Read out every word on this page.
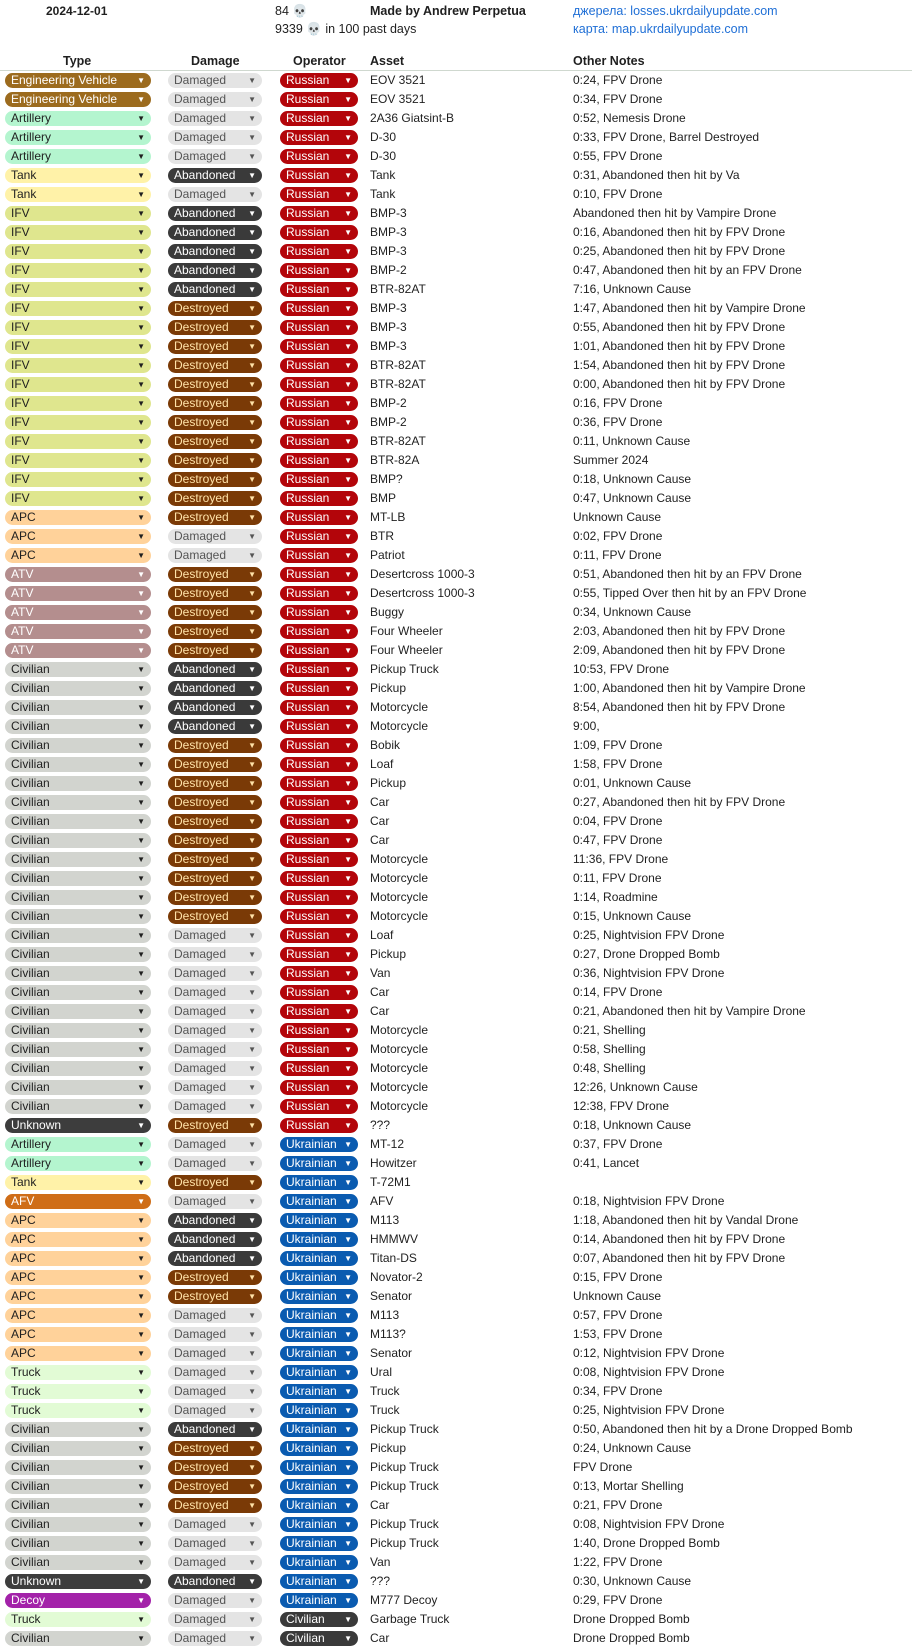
2024-12-01	84 💀
9339 💀 in 100 past days
Made by Andrew Perpetua	джерела: losses.ukrdailyupdate.com
карта: map.ukrdailyupdate.com
Type	Damage	Operator Asset	Other Notes
Engineering Vehicle	▼	Damaged	▼	Russian ▼ EOV 3521	0:24, FPV Drone
Engineering Vehicle	▼	Damaged	▼	Russian ▼ EOV 3521	0:34, FPV Drone
Artillery	▼	Damaged	▼	Russian ▼ 2A36 Giatsint-B	0:52, Nemesis Drone
Artillery	▼	Damaged	▼	Russian ▼ D-30	0:33, FPV Drone, Barrel Destroyed
Artillery	▼	Damaged	▼	Russian ▼ D-30	0:55, FPV Drone
Tank	▼	Abandoned ▼	Russian ▼ Tank	0:31, Abandoned then hit by Va
Tank	▼	Damaged	▼	Russian ▼ Tank	0:10, FPV Drone
IFV	▼	Abandoned ▼	Russian ▼ BMP-3	Abandoned then hit by Vampire Drone
IFV	▼	Abandoned ▼	Russian ▼ BMP-3	0:16, Abandoned then hit by FPV Drone
IFV	▼	Abandoned ▼	Russian ▼ BMP-3	0:25, Abandoned then hit by FPV Drone
IFV	▼	Abandoned ▼	Russian ▼ BMP-2	0:47, Abandoned then hit by an FPV Drone
IFV	▼	Abandoned ▼	Russian ▼ BTR-82AT	7:16, Unknown Cause
IFV	▼	Destroyed ▼	Russian ▼ BMP-3	1:47, Abandoned then hit by Vampire Drone
IFV	▼	Destroyed ▼	Russian ▼ BMP-3	0:55, Abandoned then hit by FPV Drone
IFV	▼	Destroyed ▼	Russian ▼ BMP-3	1:01, Abandoned then hit by FPV Drone
IFV	▼	Destroyed ▼	Russian ▼ BTR-82AT	1:54, Abandoned then hit by FPV Drone
IFV	▼	Destroyed ▼	Russian ▼ BTR-82AT	0:00, Abandoned then hit by FPV Drone
IFV	▼	Destroyed ▼	Russian ▼ BMP-2	0:16, FPV Drone
IFV	▼	Destroyed ▼	Russian ▼ BMP-2	0:36, FPV Drone
IFV	▼	Destroyed ▼	Russian ▼ BTR-82AT	0:11, Unknown Cause
IFV	▼	Destroyed ▼	Russian ▼ BTR-82A	Summer 2024
IFV	▼	Destroyed ▼	Russian ▼ BMP?	0:18, Unknown Cause
IFV	▼	Destroyed ▼	Russian ▼ BMP	0:47, Unknown Cause
APC	▼	Destroyed ▼	Russian ▼ MT-LB	Unknown Cause
APC	▼	Damaged	▼	Russian ▼ BTR	0:02, FPV Drone
APC	▼	Damaged	▼	Russian ▼ Patriot	0:11, FPV Drone
ATV	▼	Destroyed ▼	Russian ▼ Desertcross 1000-3	0:51, Abandoned then hit by an FPV Drone
ATV	▼	Destroyed ▼	Russian ▼ Desertcross 1000-3	0:55, Tipped Over then hit by an FPV Drone
ATV	▼	Destroyed ▼	Russian ▼ Buggy	0:34, Unknown Cause
ATV	▼	Destroyed ▼	Russian ▼ Four Wheeler	2:03, Abandoned then hit by FPV Drone
ATV	▼	Destroyed ▼	Russian ▼ Four Wheeler	2:09, Abandoned then hit by FPV Drone
Civilian	▼	Abandoned ▼	Russian ▼ Pickup Truck	10:53, FPV Drone
Civilian	▼	Abandoned ▼	Russian ▼ Pickup	1:00, Abandoned then hit by Vampire Drone
Civilian	▼	Abandoned ▼	Russian ▼ Motorcycle	8:54, Abandoned then hit by FPV Drone
Civilian	▼	Abandoned ▼	Russian ▼ Motorcycle	9:00,
Civilian	▼	Destroyed ▼	Russian ▼ Bobik	1:09, FPV Drone
Civilian	▼	Destroyed ▼	Russian ▼ Loaf	1:58, FPV Drone
Civilian	▼	Destroyed ▼	Russian ▼ Pickup	0:01, Unknown Cause
Civilian	▼	Destroyed ▼	Russian ▼ Car	0:27, Abandoned then hit by FPV Drone
Civilian	▼	Destroyed ▼	Russian ▼ Car	0:04, FPV Drone
Civilian	▼	Destroyed ▼	Russian ▼ Car	0:47, FPV Drone
Civilian	▼	Destroyed ▼	Russian ▼ Motorcycle	11:36, FPV Drone
Civilian	▼	Destroyed ▼	Russian ▼ Motorcycle	0:11, FPV Drone
Civilian	▼	Destroyed ▼	Russian ▼ Motorcycle	1:14, Roadmine
Civilian	▼	Destroyed ▼	Russian ▼ Motorcycle	0:15, Unknown Cause
Civilian	▼	Damaged	▼	Russian ▼ Loaf	0:25, Nightvision FPV Drone
Civilian	▼	Damaged	▼	Russian ▼ Pickup	0:27, Drone Dropped Bomb
Civilian	▼	Damaged	▼	Russian ▼ Van	0:36, Nightvision FPV Drone
Civilian	▼	Damaged	▼	Russian ▼ Car	0:14, FPV Drone
Civilian	▼	Damaged	▼	Russian ▼ Car	0:21, Abandoned then hit by Vampire Drone
Civilian	▼	Damaged	▼	Russian ▼ Motorcycle	0:21, Shelling
Civilian	▼	Damaged	▼	Russian ▼ Motorcycle	0:58, Shelling
Civilian	▼	Damaged	▼	Russian ▼ Motorcycle	0:48, Shelling
Civilian	▼	Damaged	▼	Russian ▼ Motorcycle	12:26, Unknown Cause
Civilian	▼	Damaged	▼	Russian ▼ Motorcycle	12:38, FPV Drone
Unknown	▼	Destroyed ▼	Russian ▼ ???	0:18, Unknown Cause
Artillery	▼	Damaged	▼	Ukrainian ▼ MT-12	0:37, FPV Drone
Artillery	▼	Damaged	▼	Ukrainian ▼ Howitzer	0:41, Lancet
Tank	▼	Destroyed ▼	Ukrainian ▼ T-72M1
AFV	▼	Damaged	▼	Ukrainian ▼ AFV	0:18, Nightvision FPV Drone
APC	▼	Abandoned ▼	Ukrainian ▼ M113	1:18, Abandoned then hit by Vandal Drone
APC	▼	Abandoned ▼	Ukrainian ▼ HMMWV	0:14, Abandoned then hit by FPV Drone
APC	▼	Abandoned ▼	Ukrainian ▼ Titan-DS	0:07, Abandoned then hit by FPV Drone
APC	▼	Destroyed ▼	Ukrainian ▼ Novator-2	0:15, FPV Drone
APC	▼	Destroyed ▼	Ukrainian ▼ Senator	Unknown Cause
APC	▼	Damaged	▼	Ukrainian ▼ M113	0:57, FPV Drone
APC	▼	Damaged	▼	Ukrainian ▼ M113?	1:53, FPV Drone
APC	▼	Damaged	▼	Ukrainian ▼ Senator	0:12, Nightvision FPV Drone
Truck	▼	Damaged	▼	Ukrainian ▼ Ural	0:08, Nightvision FPV Drone
Truck	▼	Damaged	▼	Ukrainian ▼ Truck	0:34, FPV Drone
Truck	▼	Damaged	▼	Ukrainian ▼ Truck	0:25, Nightvision FPV Drone
Civilian	▼	Abandoned ▼	Ukrainian ▼ Pickup Truck	0:50, Abandoned then hit by a Drone Dropped Bomb
Civilian	▼	Destroyed ▼	Ukrainian ▼ Pickup	0:24, Unknown Cause
Civilian	▼	Destroyed ▼	Ukrainian ▼ Pickup Truck	FPV Drone
Civilian	▼	Destroyed ▼	Ukrainian ▼ Pickup Truck	0:13, Mortar Shelling
Civilian	▼	Destroyed ▼	Ukrainian ▼ Car	0:21, FPV Drone
Civilian	▼	Damaged	▼	Ukrainian ▼ Pickup Truck	0:08, Nightvision FPV Drone
Civilian	▼	Damaged	▼	Ukrainian ▼ Pickup Truck	1:40, Drone Dropped Bomb
Civilian	▼	Damaged	▼	Ukrainian ▼ Van	1:22, FPV Drone
Unknown	▼	Abandoned ▼	Ukrainian ▼ ???	0:30, Unknown Cause
Decoy	▼	Damaged	▼	Ukrainian ▼ M777 Decoy	0:29, FPV Drone
Truck	▼	Damaged	▼	Civilian ▼ Garbage Truck	Drone Dropped Bomb
Civilian	▼	Damaged	▼	Civilian ▼ Car	Drone Dropped Bomb
